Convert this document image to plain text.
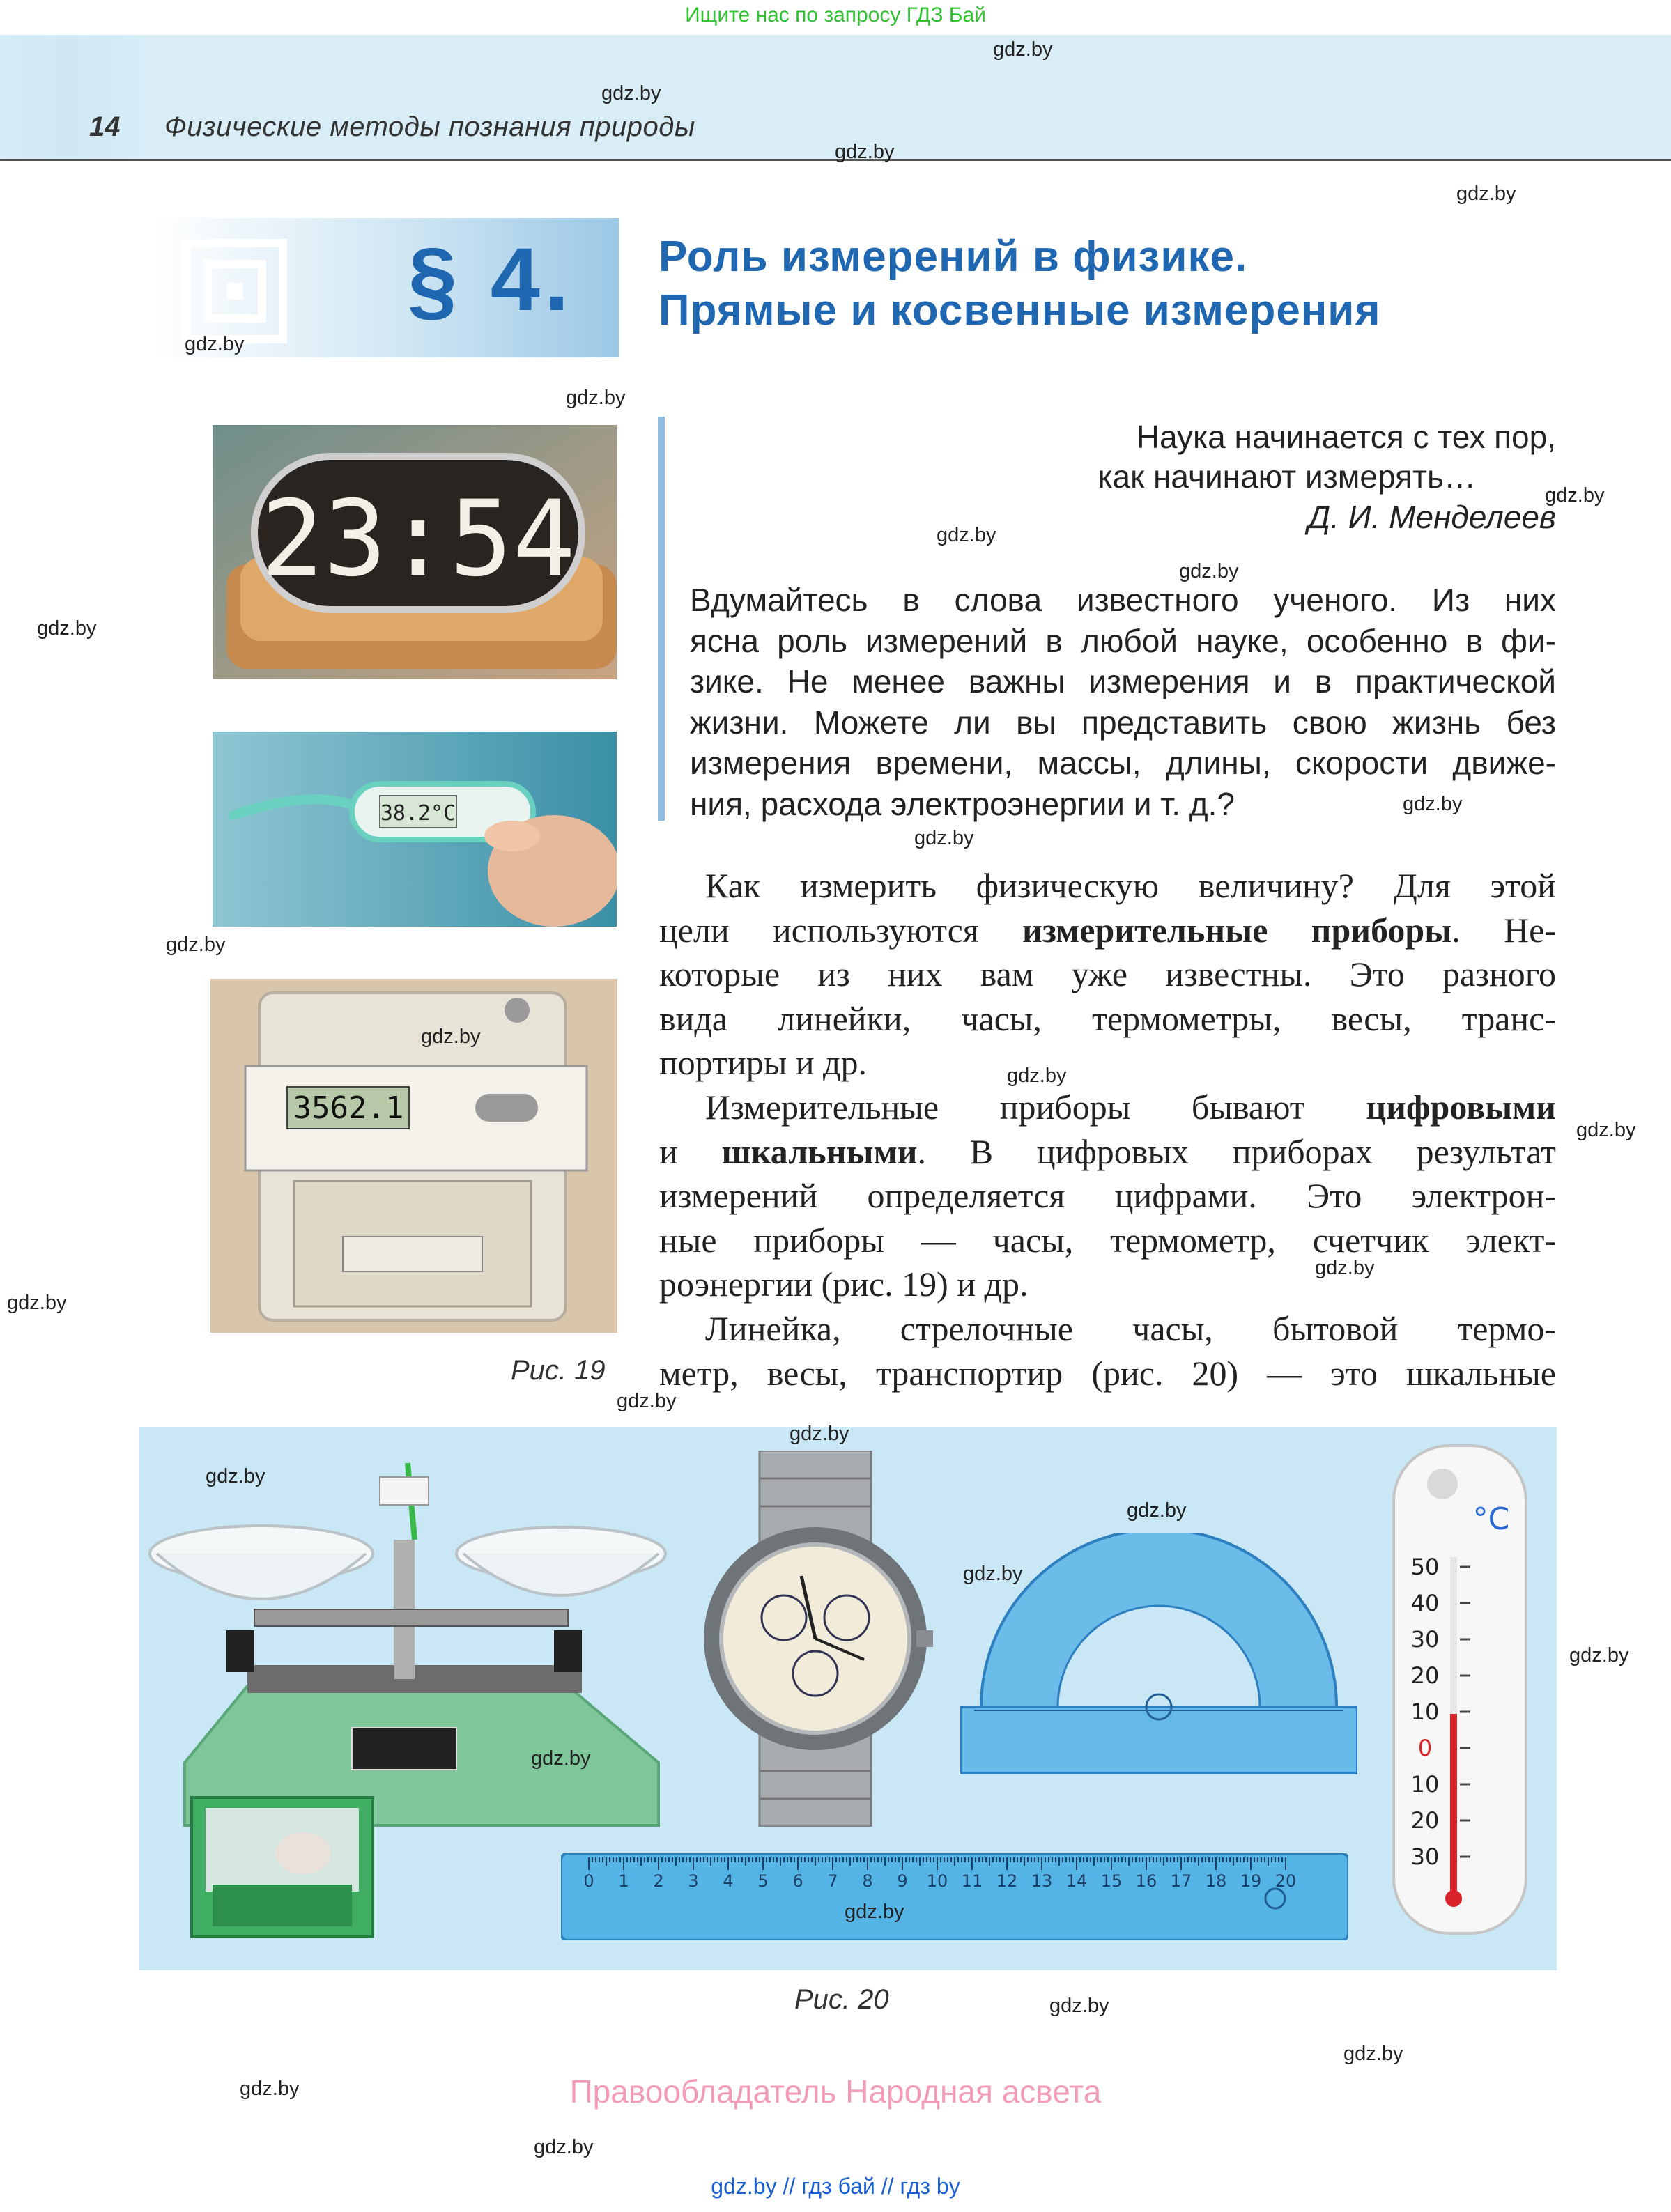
Ищите нас по запросу ГДЗ Бай
14 Физические методы познания природы
§ 4. Роль измерений в физике.
Прямые и косвенные измерения
Наука начинается с тех пор,
как начинают измерять…
Д. И. Менделеев
Вдумайтесь в слова известного ученого. Из них
ясна роль измерений в любой науке, особенно в фи-
зике. Не менее важны измерения и в практической
жизни. Можете ли вы представить свою жизнь без
измерения времени, массы, длины, скорости движе-
ния, расхода электроэнергии и т. д.?
Как измерить физическую величину? Для этой
цели используются измерительные приборы. Не-
которые из них вам уже известны. Это разного
вида линейки, часы, термометры, весы, транс-
портиры и др.
Измерительные приборы бывают цифровыми
и шкальными. В цифровых приборах результат
измерений определяется цифрами. Это электрон-
ные приборы — часы, термометр, счетчик элект-
роэнергии (рис. 19) и др.
Линейка, стрелочные часы, бытовой термо-
метр, весы, транспортир (рис. 20) — это шкальные
23:54
38.2°C
3562.1
Рис. 19
°C
50
40
30
20
10
0
10
20
30
0 1 2 3 4 5 6 7 8 9 10 11 12 13 14 15 16 17 18 19 20
Рис. 20
gdz.by
gdz.by
gdz.by
gdz.by
gdz.by
gdz.by
gdz.by
gdz.by
gdz.by
gdz.by
gdz.by
gdz.by
gdz.by
gdz.by
gdz.by
gdz.by
gdz.by
gdz.by
gdz.by
gdz.by
gdz.by
gdz.by
gdz.by
gdz.by
gdz.by
gdz.by
gdz.by
gdz.by
gdz.by
gdz.by
Правообладатель Народная асвета
gdz.by // гдз бай // гдз by
